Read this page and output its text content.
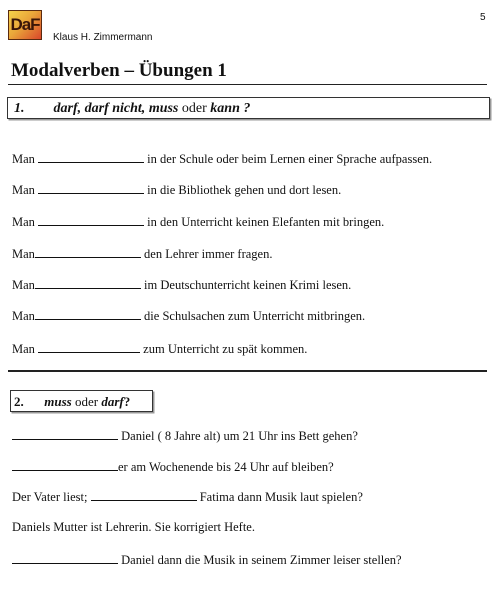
DaF
Klaus H. Zimmermann
5
Modalverben – Übungen 1
1. darf, darf nicht, muss oder kann ?
Man	in der Schule oder beim Lernen einer Sprache aufpassen.
Man	in die Bibliothek gehen und dort lesen.
Man	in den Unterricht keinen Elefanten mit bringen.
Man	den Lehrer immer fragen.
Man	im Deutschunterricht keinen Krimi lesen.
Man	die Schulsachen zum Unterricht mitbringen.
Man	zum Unterricht zu spät kommen.
2. muss oder darf?
Daniel ( 8 Jahre alt) um 21 Uhr ins Bett gehen?
er am Wochenende bis 24 Uhr auf bleiben?
Der Vater liest;	Fatima dann Musik laut spielen?
Daniels Mutter ist Lehrerin. Sie korrigiert Hefte.
Daniel dann die Musik in seinem Zimmer leiser stellen?
